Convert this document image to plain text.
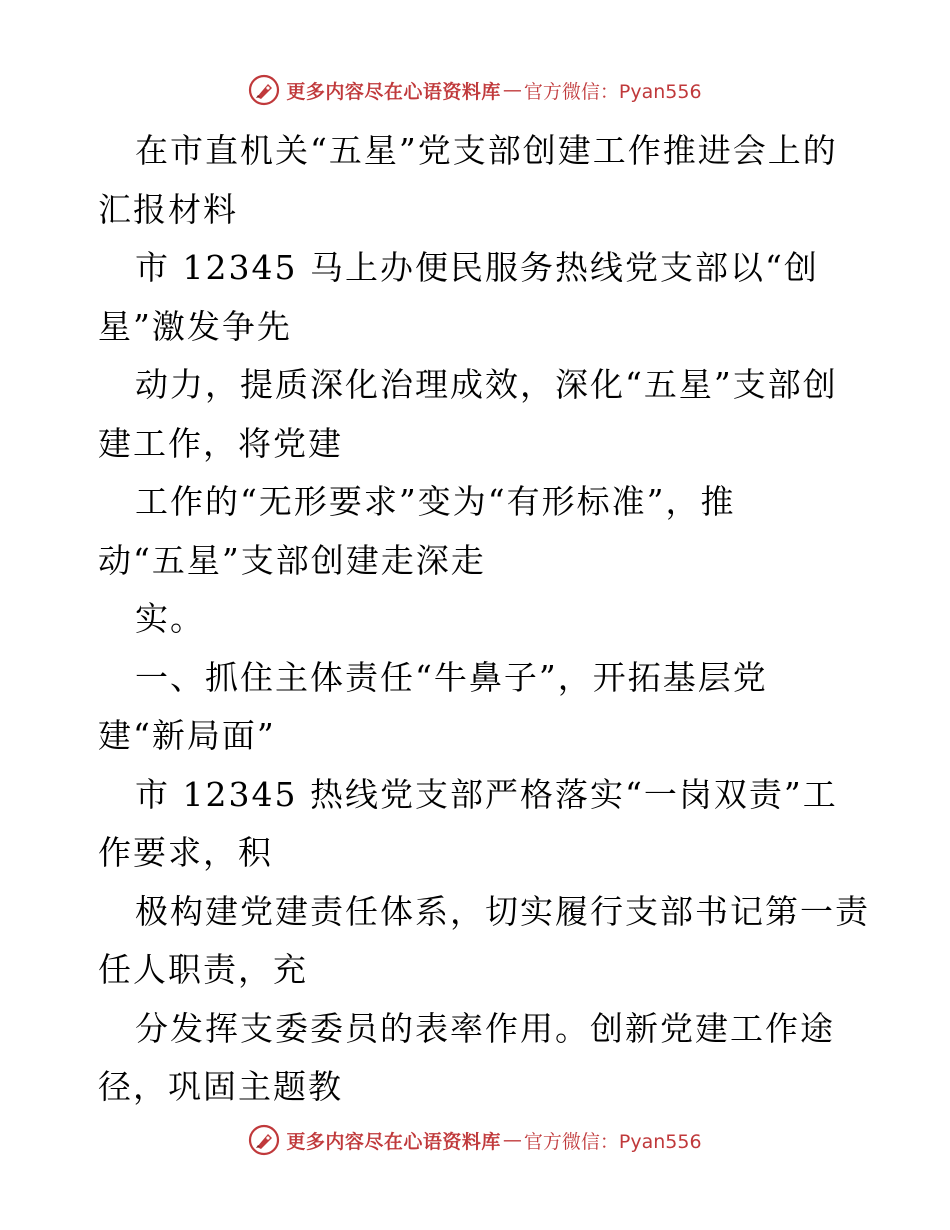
更多内容尽在心语资料库 — 官方微信：Pyan556
在市直机关“五星”党支部创建工作推进会上的
汇报材料
市 12345 马上办便民服务热线党支部以“创
星”激发争先
动力，提质深化治理成效，深化“五星”支部创
建工作，将党建
工作的“无形要求”变为“有形标准”，推
动“五星”支部创建走深走
实。
一、抓住主体责任“牛鼻子”，开拓基层党
建“新局面”
市 12345 热线党支部严格落实“一岗双责”工
作要求，积
极构建党建责任体系，切实履行支部书记第一责
任人职责，充
分发挥支委委员的表率作用。创新党建工作途
径，巩固主题教
更多内容尽在心语资料库 — 官方微信：Pyan556
